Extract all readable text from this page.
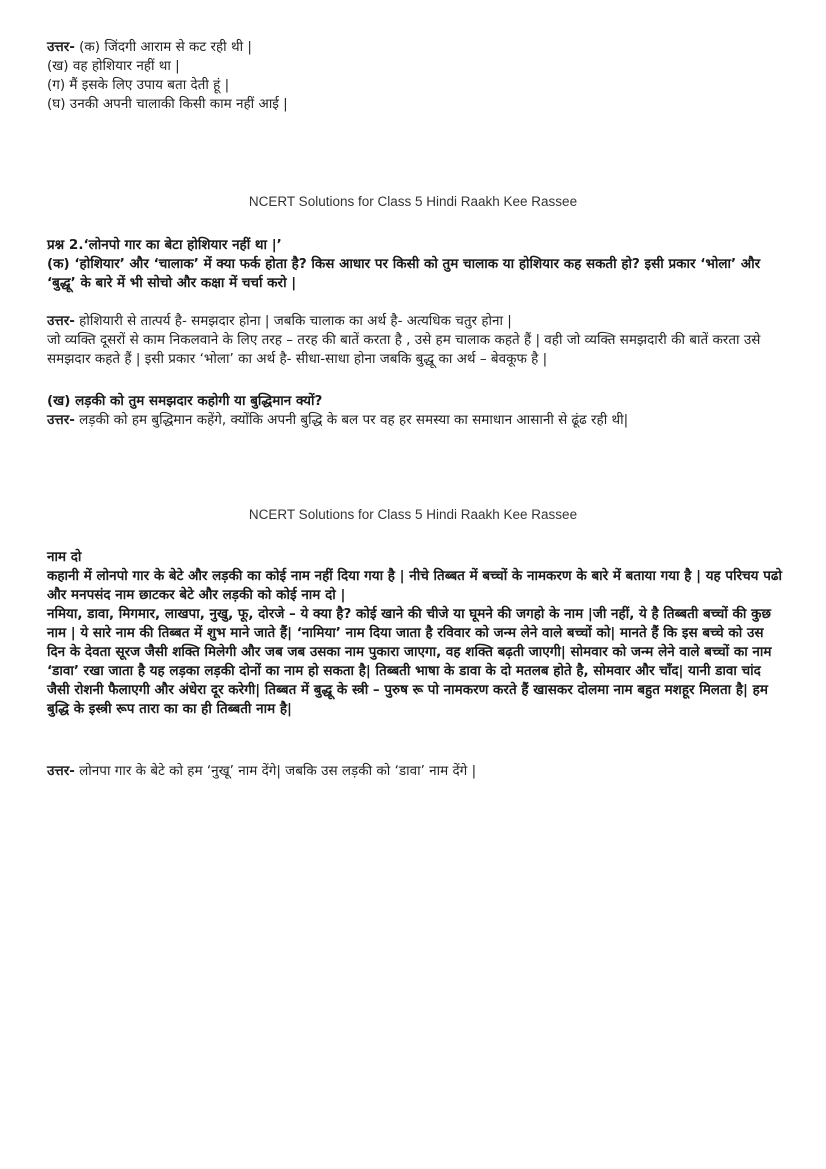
उत्तर- (क) जिंदगी आराम से कट रही थी |

(ख) वह होशियार नहीं था |

(ग) मैं इसके लिए उपाय बता देती हूं |

(घ) उनकी अपनी चालाकी किसी काम नहीं आई |

NCERT Solutions for Class 5 Hindi Raakh Kee Rassee

प्रश्न 2.‘लोनपो गार का बेटा होशियार नहीं था |’

(क) ‘होशियार’ और ‘चालाक’ में क्या फर्क होता है? किस आधार पर किसी को तुम चालाक या होशियार कह सकती हो? इसी प्रकार ‘भोला’ और ‘बुद्धू’ के बारे में भी सोचो और कक्षा में चर्चा करो |

उत्तर- होशियारी से तात्पर्य है- समझदार होना | जबकि चालाक का अर्थ है- अत्यधिक चतुर होना |

जो व्यक्ति दूसरों से काम निकलवाने के लिए तरह – तरह की बातें करता है , उसे हम चालाक कहते हैं | वही जो व्यक्ति समझदारी की बातें करता उसे समझदार कहते हैं | इसी प्रकार ‘भोला’ का अर्थ है- सीधा-साधा होना जबकि बुद्धू का अर्थ – बेवकूफ है |

(ख) लड़की को तुम समझदार कहोगी या बुद्धिमान क्यों?

उत्तर- लड़की को हम बुद्धिमान कहेंगे, क्योंकि अपनी बुद्धि के बल पर वह हर समस्या का समाधान आसानी से ढूंढ रही थी|

NCERT Solutions for Class 5 Hindi Raakh Kee Rassee

नाम दो

कहानी में लोनपो गार के बेटे और लड़की का कोई नाम नहीं दिया गया है | नीचे तिब्बत में बच्चों के नामकरण के बारे में बताया गया है | यह परिचय पढो और मनपसंद नाम छाटकर बेटे और लड़की को कोई नाम दो |

नमिया, डावा, मिगमार, लाखपा, नुखु, फू, दोरजे – ये क्या है? कोई खाने की चीजे या घूमने की जगहो के नाम |जी नहीं, ये है तिब्बती बच्चों की कुछ नाम | ये सारे नाम की तिब्बत में शुभ माने जाते हैं| ‘नामिया’ नाम दिया जाता है रविवार को जन्म लेने वाले बच्चों को| मानते हैं कि इस बच्चे को उस दिन के देवता सूरज जैसी शक्ति मिलेगी और जब जब उसका नाम पुकारा जाएगा, वह शक्ति बढ़ती जाएगी| सोमवार को जन्म लेने वाले बच्चों का नाम ‘डावा’ रखा जाता है यह लड़का लड़की दोनों का नाम हो सकता है| तिब्बती भाषा के डावा के दो मतलब होते है, सोमवार और चाँद| यानी डावा चांद जैसी रोशनी फैलाएगी और अंधेरा दूर करेगी| तिब्बत में बुद्धू के स्त्री – पुरुष रू पो नामकरण करते हैं खासकर दोलमा नाम बहुत मशहूर मिलता है| हम बुद्धि के इस्त्री रूप तारा का का ही तिब्बती नाम है|

उत्तर- लोनपा गार के बेटे को हम ‘नुखू’ नाम देंगे| जबकि उस लड़की को ‘डावा’ नाम देंगे |
